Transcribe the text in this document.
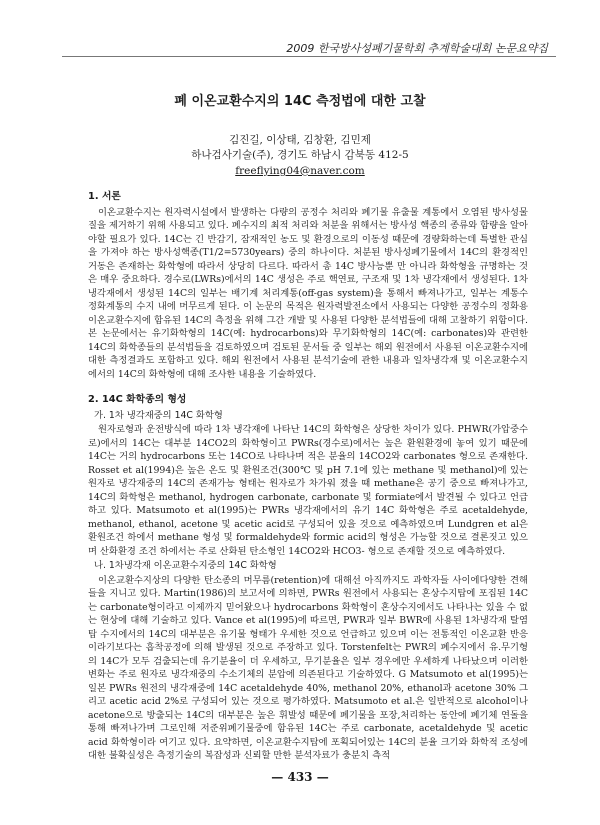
2009 한국방사성폐기물학회 추계학술대회 논문요약집
폐 이온교환수지의 14C 측정법에 대한 고찰
김진길, 이상태, 김창환, 김민제
하나검사기술(주), 경기도 하남시 감북동 412-5
freeflying04@naver.com
1. 서론

이온교환수지는 원자력시설에서 발생하는 다량의 공정수 처리와 폐기물 유출물 계통에서 오염된 방사성물질을 제거하기 위해 사용되고 있다. 폐수지의 최적 처리와 처분을 위해서는 방사성 핵종의 종류와 함량을 알아야할 필요가 있다. 14C는 긴 반감기, 잠재적인 농도 및 환경으로의 이동성 때문에 경량화하는데 특별한 관심을 가져야 하는 방사성핵종(T1/2=5730years) 중의 하나이다. 처분된 방사성폐기물에서 14C의 환경적인 거동은 존재하는 화학형에 따라서 상당히 다르다. 따라서 총 14C 방사능뿐 만 아니라 화학형을 규명하는 것은 매우 중요하다. 경수로(LWRs)에서의 14C 생성은 주로 핵연료, 구조재 및 1차 냉각재에서 생성된다. 1차 냉각재에서 생성된 14C의 일부는 배기계 처리계통(off-gas system)을 통해서 빠져나가고, 일부는 계통수 정화계통의 수지 내에 머무르게 된다. 이 논문의 목적은 원자력발전소에서 사용되는 다양한 공정수의 정화용 이온교환수지에 함유된 14C의 측정을 위해 그간 개발 및 사용된 다양한 분석법들에 대해 고찰하기 위함이다. 본 논문에서는 유기화학형의 14C(예: hydrocarbons)와 무기화학형의 14C(예: carbonates)와 관련한 14C의 화학종들의 분석법들을 검토하였으며 검토된 문서들 중 일부는 해외 원전에서 사용된 이온교환수지에 대한 측정결과도 포함하고 있다. 해외 원전에서 사용된 분석기술에 관한 내용과 일차냉각재 및 이온교환수지에서의 14C의 화학형에 대해 조사한 내용을 기술하였다.

2. 14C 화학종의 형성
가. 1차 냉각재중의 14C 화학형

원자로형과 운전방식에 따라 1차 냉각재에 나타난 14C의 화학형은 상당한 차이가 있다. PHWR(가압중수로)에서의 14C는 대부분 14CO2의 화학형이고 PWRs(경수로)에서는 높은 환원환경에 놓여 있기 때문에 14C는 거의 hydrocarbons 또는 14CO로 나타나며 적은 분율의 14CO2와 carbonates 형으로 존재한다. Rosset et al(1994)은 높은 온도 및 환원조건(300℃ 및 pH 7.1에 있는 methane 및 methanol)에 있는 원자로 냉각재중의 14C의 존재가능 형태는 원자로가 차가워 졌을 때 methane은 공기 중으로 빠져나가고, 14C의 화학형은 methanol, hydrogen carbonate, carbonate 및 formiate에서 발견될 수 있다고 언급하고 있다. Matsumoto et al(1995)는 PWRs 냉각재에서의 유기 14C 화학형은 주로 acetaldehyde, methanol, ethanol, acetone 및 acetic acid로 구성되어 있을 것으로 예측하였으며 Lundgren et al은 환원조건 하에서 methane 형성 및 formaldehyde와 formic acid의 형성은 가능할 것으로 결론짓고 있으며 산화환경 조건 하에서는 주로 산화된 탄소형인 14CO2와 HCO3- 형으로 존재할 것으로 예측하였다.

나. 1차냉각재 이온교환수지중의 14C 화학형

이온교환수지상의 다양한 탄소종의 머무름(retention)에 대해선 아직까지도 과학자들 사이에다양한 견해들을 지니고 있다. Martin(1986)의 보고서에 의하면, PWRs 원전에서 사용되는 혼상수지탑에 포집된 14C는 carbonate형이라고 이제까지 믿어왔으나 hydrocarbons 화학형이 혼상수지에서도 나타나는 있을 수 없는 현상에 대해 기술하고 있다. Vance et al(1995)에 따르면, PWR과 일부 BWR에 사용된 1차냉각재 탈염탑 수지에서의 14C의 대부분은 유기물 형태가 우세한 것으로 언급하고 있으며 이는 전통적인 이온교환 반응이라기보다는 흡착공정에 의해 발생된 것으로 주장하고 있다. Torstenfelt는 PWR의 폐수지에서 유.무기형의 14C가 모두 검출되는데 유기분율이 더 우세하고, 무기분율은 일부 경우에만 우세하게 나타났으며 이러한 변화는 주로 원자로 냉각재중의 수소기체의 분압에 의존된다고 기술하였다. G Matsumoto et al(1995)는 일본 PWRs 원전의 냉각재중에 14C acetaldehyde 40%, methanol 20%, ethanol과 acetone 30% 그리고 acetic acid 2%로 구성되어 있는 것으로 평가하였다. Matsumoto et al.은 일반적으로 alcohol이나 acetone으로 방출되는 14C의 대부분은 높은 휘발성 때문에 폐기물을 포장,처리하는 동안에 폐기체 연돌을 통해 빠져나가며 그로인해 저준위폐기물중에 함유된 14C는 주로 carbonate, acetaldehyde 및 acetic acid 화학형이라 여기고 있다. 요약하면, 이온교환수지탑에 포획되어있는 14C의 분율 크기와 화학적 조성에 대한 불확실성은 측정기술의 복잡성과 신뢰할 만한 분석자료가 충분치 측적

— 433 —
